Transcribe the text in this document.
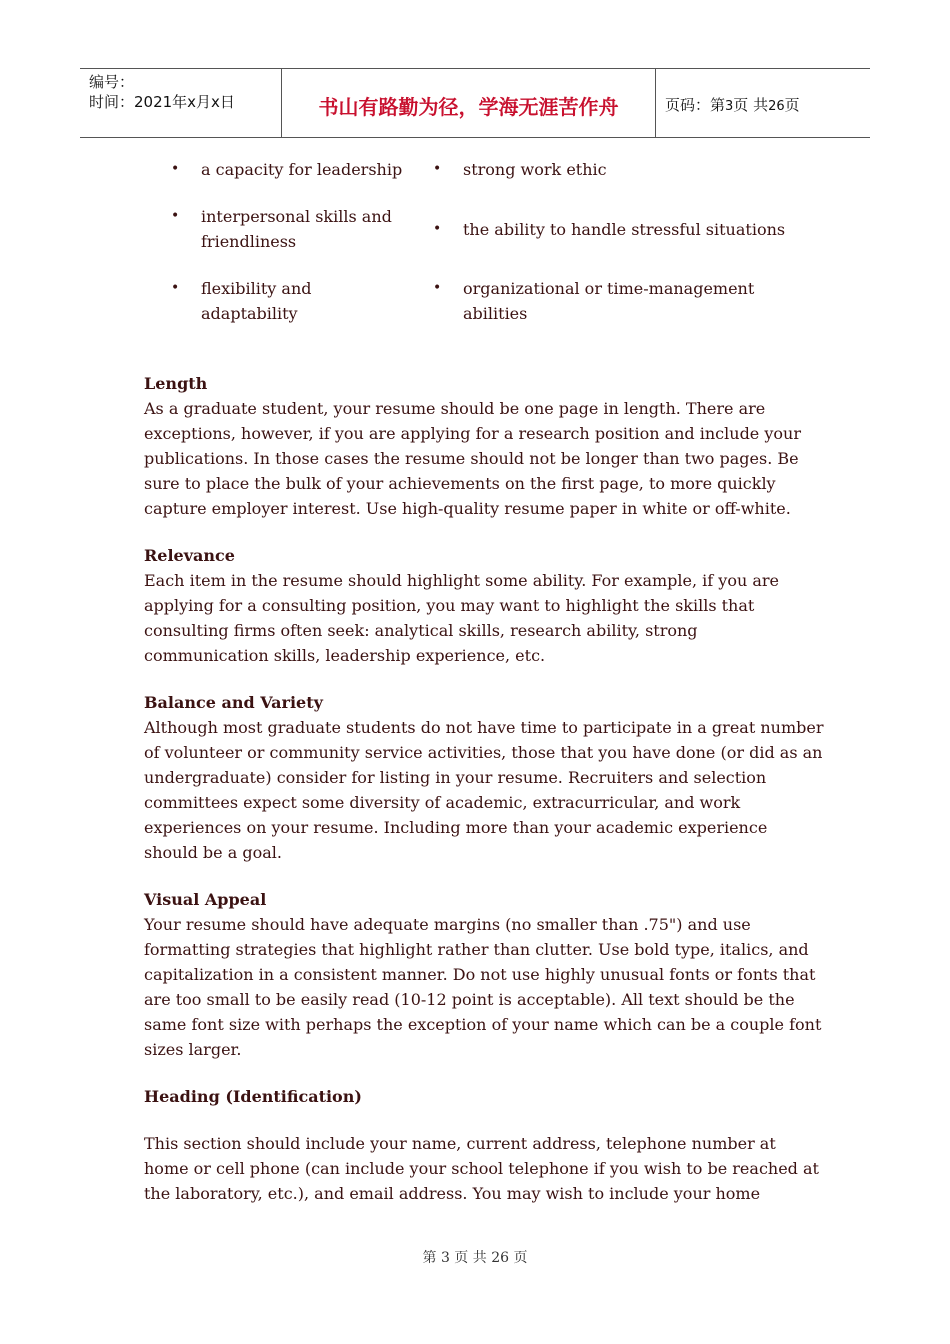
编号：
时间：2021年x月x日	书山有路勤为径，学海无涯苦作舟	页码：第3页 共26页
• a capacity for leadership • strong work ethic
• interpersonal skills and
friendliness
• the ability to handle stressful situations
• flexibility and
adaptability
• organizational or time-management
abilities
Length

As a graduate student, your resume should be one page in length. There are exceptions, however, if you are applying for a research position and include your publications. In those cases the resume should not be longer than two pages. Be sure to place the bulk of your achievements on the first page, to more quickly capture employer interest. Use high-quality resume paper in white or off-white.

Relevance

Each item in the resume should highlight some ability. For example, if you are applying for a consulting position, you may want to highlight the skills that consulting firms often seek: analytical skills, research ability, strong communication skills, leadership experience, etc.

Balance and Variety

Although most graduate students do not have time to participate in a great number of volunteer or community service activities, those that you have done (or did as an undergraduate) consider for listing in your resume. Recruiters and selection committees expect some diversity of academic, extracurricular, and work experiences on your resume. Including more than your academic experience should be a goal.

Visual Appeal

Your resume should have adequate margins (no smaller than .75") and use formatting strategies that highlight rather than clutter. Use bold type, italics, and capitalization in a consistent manner. Do not use highly unusual fonts or fonts that are too small to be easily read (10-12 point is acceptable). All text should be the same font size with perhaps the exception of your name which can be a couple font sizes larger.

Heading (Identification)

This section should include your name, current address, telephone number at home or cell phone (can include your school telephone if you wish to be reached at the laboratory, etc.), and email address. You may wish to include your home

第 3 页 共 26 页
